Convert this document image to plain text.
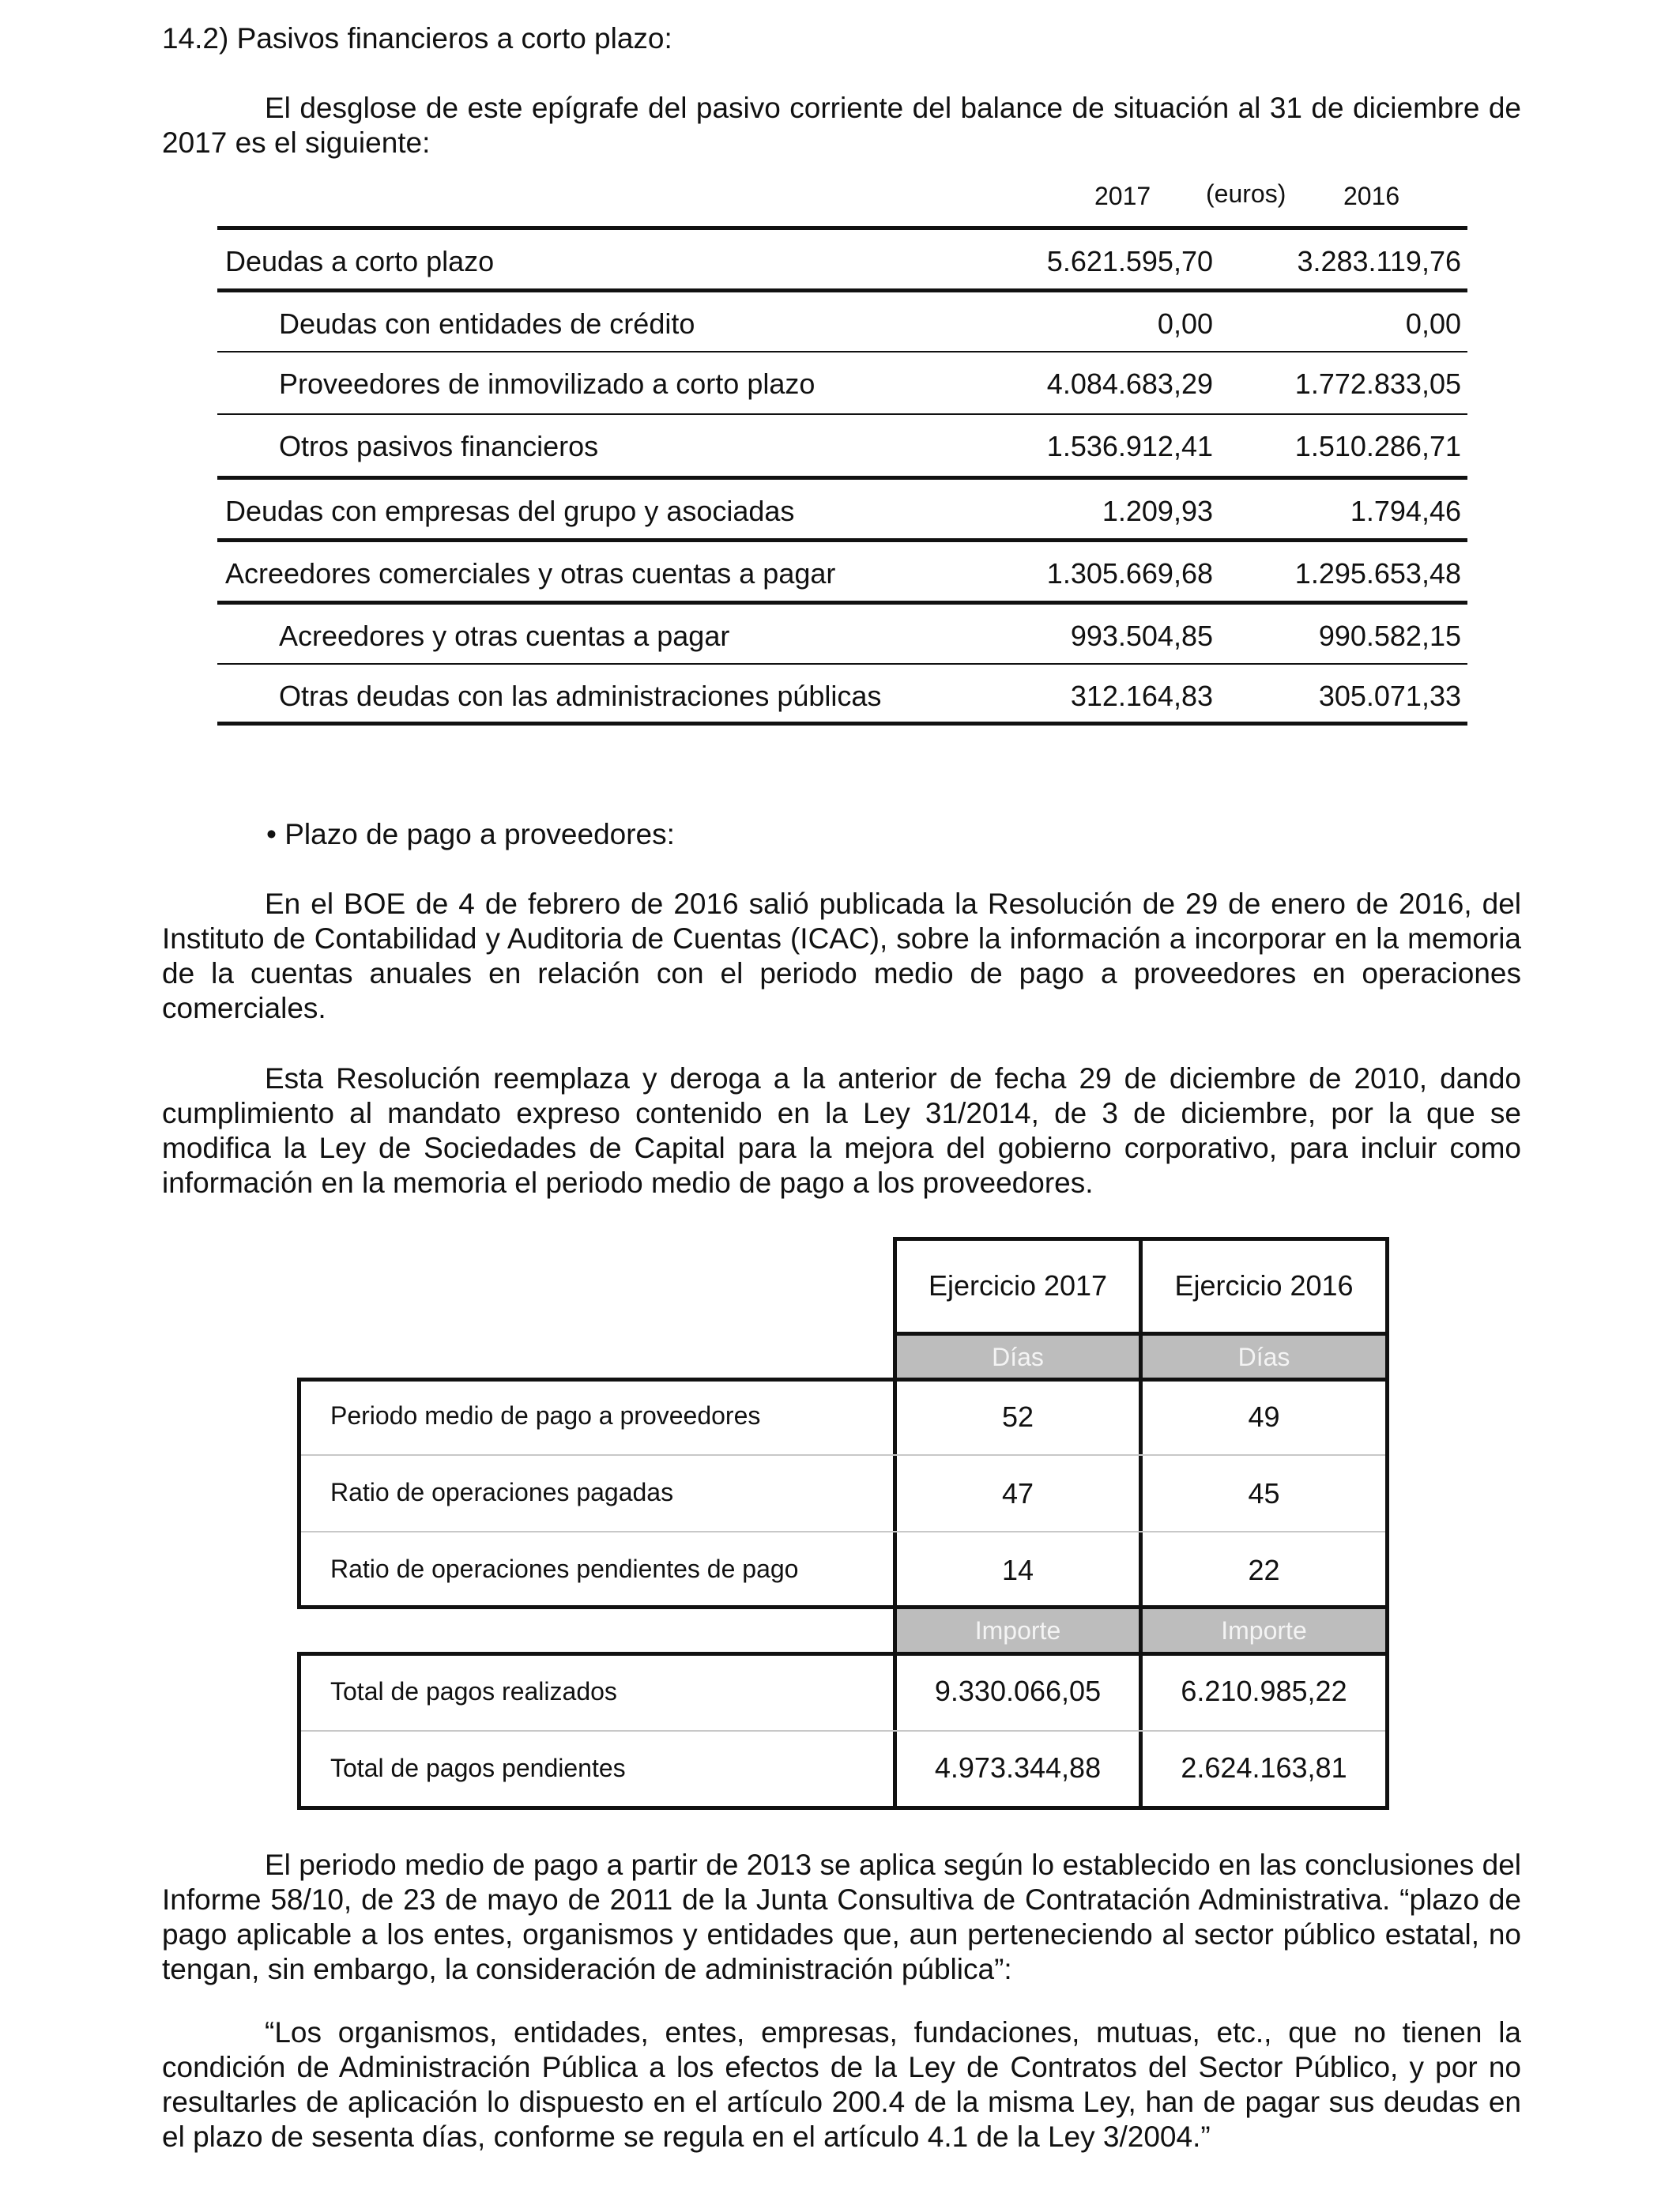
14.2) Pasivos financieros a corto plazo:
El desglose de este epígrafe del pasivo corriente del balance de situación al 31 de diciembre de 2017 es el siguiente:
2017 (euros) 2016
Deudas a corto plazo	5.621.595,70	3.283.119,76
Deudas con entidades de crédito	0,00	0,00
Proveedores de inmovilizado a corto plazo	4.084.683,29	1.772.833,05
Otros pasivos financieros	1.536.912,41	1.510.286,71
Deudas con empresas del grupo y asociadas	1.209,93	1.794,46
Acreedores comerciales y otras cuentas a pagar	1.305.669,68	1.295.653,48
Acreedores y otras cuentas a pagar	993.504,85	990.582,15
Otras deudas con las administraciones públicas	312.164,83	305.071,33
• Plazo de pago a proveedores:
En el BOE de 4 de febrero de 2016 salió publicada la Resolución de 29 de enero de 2016, del Instituto de Contabilidad y Auditoria de Cuentas (ICAC), sobre la información a incorporar en la memoria de la cuentas anuales en relación con el periodo medio de pago a proveedores en operaciones comerciales.
Esta Resolución reemplaza y deroga a la anterior de fecha 29 de diciembre de 2010, dando cumplimiento al mandato expreso contenido en la Ley 31/2014, de 3 de diciembre, por la que se modifica la Ley de Sociedades de Capital para la mejora del gobierno corporativo, para incluir como información en la memoria el periodo medio de pago a los proveedores.
Ejercicio 2017	Ejercicio 2016
Días	Días
Periodo medio de pago a proveedores	52	49
Ratio de operaciones pagadas	47	45
Ratio de operaciones pendientes de pago	14	22
Importe	Importe
Total de pagos realizados	9.330.066,05	6.210.985,22
Total de pagos pendientes	4.973.344,88	2.624.163,81
El periodo medio de pago a partir de 2013 se aplica según lo establecido en las conclusiones del Informe 58/10, de 23 de mayo de 2011 de la Junta Consultiva de Contratación Administrativa. “plazo de pago aplicable a los entes, organismos y entidades que, aun perteneciendo al sector público estatal, no tengan, sin embargo, la consideración de administración pública”:
“Los organismos, entidades, entes, empresas, fundaciones, mutuas, etc., que no tienen la condición de Administración Pública a los efectos de la Ley de Contratos del Sector Público, y por no resultarles de aplicación lo dispuesto en el artículo 200.4 de la misma Ley, han de pagar sus deudas en el plazo de sesenta días, conforme se regula en el artículo 4.1 de la Ley 3/2004.”
